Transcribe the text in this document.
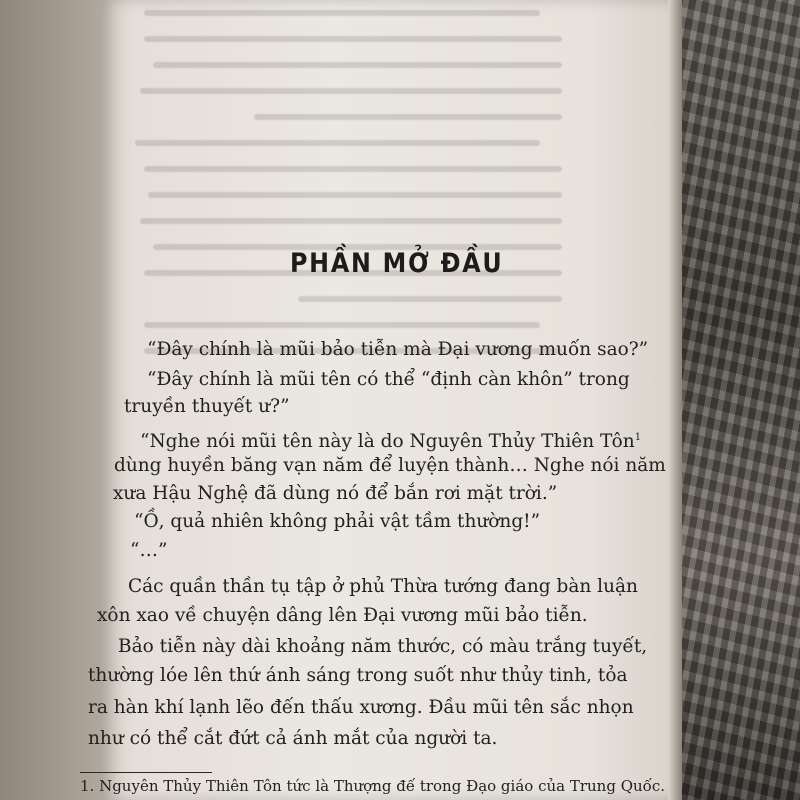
PHẦN MỞ ĐẦU
“Đây chính là mũi bảo tiễn mà Đại vương muốn sao?”
“Đây chính là mũi tên có thể “định càn khôn” trong
truyền thuyết ư?”
“Nghe nói mũi tên này là do Nguyên Thủy Thiên Tôn$^1$
dùng huyền băng vạn năm để luyện thành… Nghe nói năm
xưa Hậu Nghệ đã dùng nó để bắn rơi mặt trời.”
“Ồ, quả nhiên không phải vật tầm thường!”
“…”
Các quần thần tụ tập ở phủ Thừa tướng đang bàn luận
xôn xao về chuyện dâng lên Đại vương mũi bảo tiễn.
Bảo tiễn này dài khoảng năm thước, có màu trắng tuyết,
thường lóe lên thứ ánh sáng trong suốt như thủy tinh, tỏa
ra hàn khí lạnh lẽo đến thấu xương. Đầu mũi tên sắc nhọn
như có thể cắt đứt cả ánh mắt của người ta.
1. Nguyên Thủy Thiên Tôn tức là Thượng đế trong Đạo giáo của Trung Quốc.
